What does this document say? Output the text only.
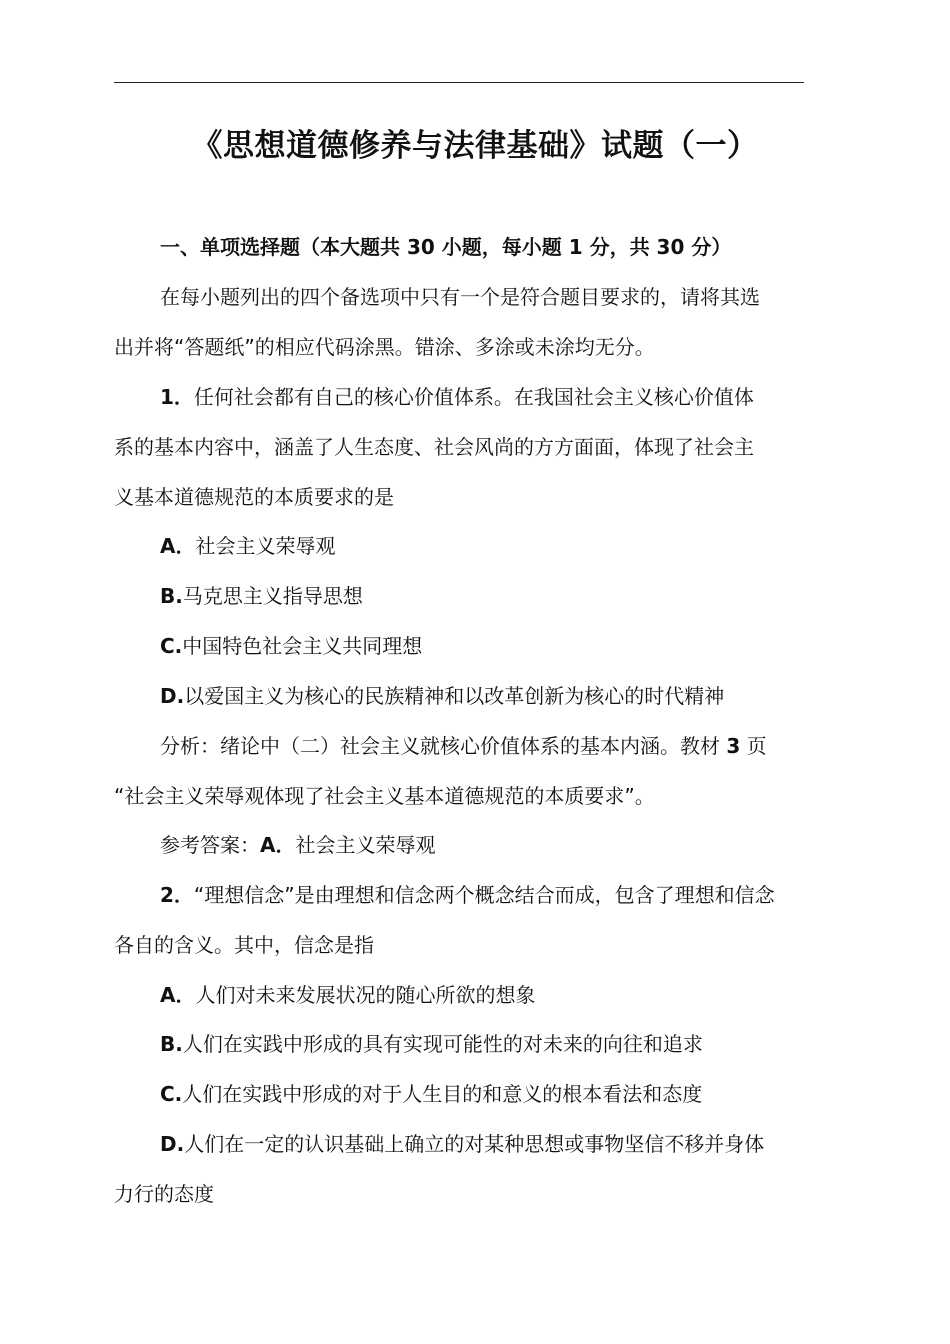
《思想道德修养与法律基础》试题（一）
一、单项选择题（本大题共 30 小题，每小题 1 分，共 30 分）
在每小题列出的四个备选项中只有一个是符合题目要求的，请将其选
出并将“答题纸”的相应代码涂黑。错涂、多涂或未涂均无分。
1．任何社会都有自己的核心价值体系。在我国社会主义核心价值体
系的基本内容中，涵盖了人生态度、社会风尚的方方面面，体现了社会主
义基本道德规范的本质要求的是
A．社会主义荣辱观
B.马克思主义指导思想
C.中国特色社会主义共同理想
D.以爱国主义为核心的民族精神和以改革创新为核心的时代精神
分析：绪论中（二）社会主义就核心价值体系的基本内涵。教材 3 页
“社会主义荣辱观体现了社会主义基本道德规范的本质要求”。
参考答案：A．社会主义荣辱观
2．“理想信念”是由理想和信念两个概念结合而成，包含了理想和信念
各自的含义。其中，信念是指
A．人们对未来发展状况的随心所欲的想象
B.人们在实践中形成的具有实现可能性的对未来的向往和追求
C.人们在实践中形成的对于人生目的和意义的根本看法和态度
D.人们在一定的认识基础上确立的对某种思想或事物坚信不移并身体
力行的态度
